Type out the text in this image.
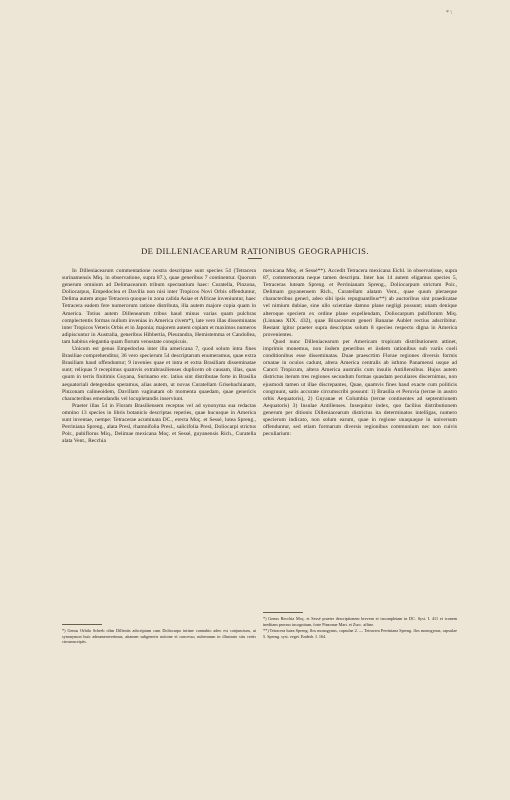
* \
DE DILLENIACEARUM RATIONIBUS GEOGRAPHICIS.

In Dilleniacearum commentatione nostra descriptae sunt species 54 (Tetracera surinamensis Miq. in observatione, supra 87.), quae generibus 7 continentur. Quorum generum omnium ad Delimacearum tribum spectantium haec: Curatella, Pinzona, Doliocarpus, Empedoclea et Davilla non nisi inter Tropicos Novi Orbis offenduntur, Delima autem atque Tetracera quoque in zona calida Asiae et Africae inveniuntur, haec Tetracera eadem fere numerorum ratione distributa, illa autem majore copia quam in America. Totius autem Dillenearum tribus haud minus varias quam pulchras complectentis formas nullum invenias in America civem*), late vero illas disseminatas inter Tropicos Veteris Orbis et in Japonia; majorem autem copiam et maximos numeros adipiscuntur in Australia, generibus Hibbertia, Pleurandra, Hemistemma et Candollea, tam habitus elegantia quam florum venustate conspicuis.

Unicum est genus Empedoclea inter illa americana 7, quod solum intra fines Brasiliae comprehenditur, 36 vero specierum 54 descriptarum enumeramus, quae extra Brasiliam haud offenduntur; 9 invenies quae et intra et extra Brasiliam disseminatae sunt; reliquas 9 recepimus quamvis extrabrasilienses duplicem ob causam, illas, quas quum in terris finitimis Guyana, Surinamo etc. latius sint distributae forte in Brasilia aequatoriali detegendas speramus, alias autem, ut novas Curatellam Grisebachianam, Pinzonam calineoidem, Davillam vaginatam ob momenta quaedam, quae genericis characteribus emendandis vel locupletandis inserviunt.

Praeter illas 54 in Floram Brasiliensem receptas vel ad synonyma sua redactas omnino 13 species in libris botanicis descriptas reperies, quae hucusque in America sunt inventae, nempe: Tetracerae acuminata DC., erecta Moç. et Sessé, lutea Spreng., Perriniana Spreng., alata Presl, rhamnifolia Presl., salicifolia Presl, Doliocarpi strictus Poir., pubiflorus Miq., Delimae mexicana Moç. et Sessé, guyanensis Rich., Curatella alata Vent., Recchia

mexicana Moç. et Sessé**). Accedit Tetracera mexicana Eichl. in observatione, supra 87, commemorata neque tamen descripta. Inter has 14 autem eligamus species 5, Tetraceras luteam Spreng. et Perrinianam Spreng., Doliocarpum strictum Poir., Delimam guyanensem Rich., Curatellam alatam Vent., quae quum pleraeque characteribus generi, adeo sibi ipsis repugnantibus**) ab auctoribus sint praedicatae vel nimium dubiae, sine ullo scientiae damno plane negligi possunt; unam denique alteroque speciem ex ordine plane expellendam, Doliocarpum pubiflorum Miq. (Linnaea XIX. 432), quae Bixaceorum generi Banarae Aublet rectius adscribitur. Restant igitur praeter supra descriptas solum 8 species respectu digna in America provenientes.

Quod nunc Dilleniacearum per Americam tropicam distributionem attinet, imprimis monemus, non iisdem generibus et iisdem rationibus sub variis coeli conditionibus esse disseminatas. Duae praescrtim Florae regiones diversis formis ornatae in oculos cadunt, altera America centralis ab isthmo Panamensi usque ad Cancri Tropicum, altera America australis cum insulis Antillensibus. Hujus autem districtus iterum tres regiones secundum formas quasdam peculiares discernimus, non ejusmodi tamen ut illae discrepantes, Quae, quamvis fines haud exacte cum politicis congruunt, satis accurate circumscribi possunt: 1) Brasilia et Peruvia (terrae in austro orbis Aequatoris), 2) Guyanae et Columbia (terrae continentes ad septentrionem Aequatoris) 3) Insulae Antillenses. Insequitur index, quo facilius distributionem generum per ditionis Dilleniacearum districtus ita determinatos intelligas, numero specierum indicato, non solum earum, quae in regione unaquaque in universum offenduntur, sed etiam formarum diversis regionibus communium nec non cuivis peculiarium:

*) Genus Orbila Schreb olim Dilleniis adscriptum cum Doliocarpo intime connubio adeo est conjunctum, ut synonymon huic adnumeraverimus, attamen subgeneris notione ei concesso, nuberarum in illustrato situ certis circumscriptis.

*) Genus Recchia Moç. et Sessé praeter descriptionem brevem et incompletam in DC. Syst. I. 411 et iconem ineditam prorsus incognitum, forte Pinzonae Mart. et Zucc. affine.

**) Tetracera lutea Spreng. flos monogynus, capsulae 2. — Tetracera Perriniana Spreng. flos monogynus, capsulae 5. Spreng. syst. veget. Endesh. I. 164.
